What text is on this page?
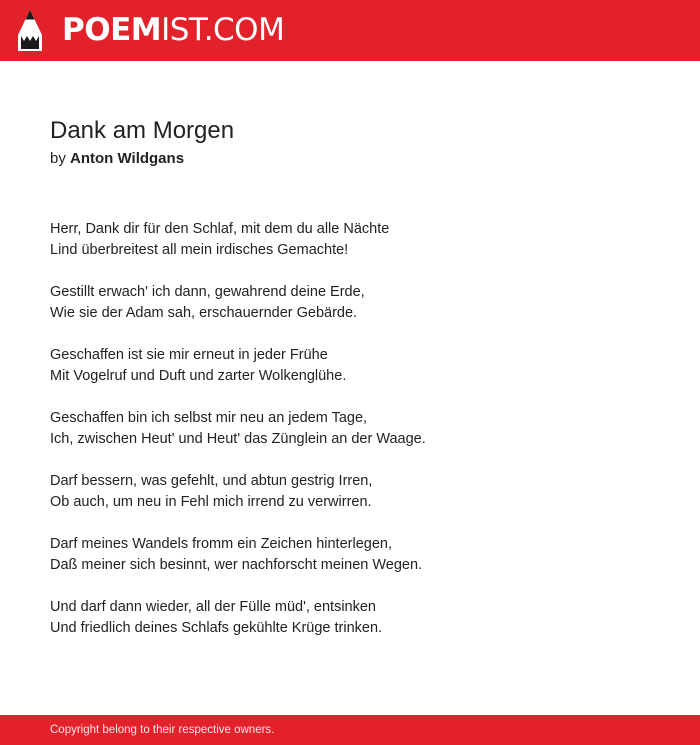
POEMIST.COM
Dank am Morgen
by Anton Wildgans
Herr, Dank dir für den Schlaf, mit dem du alle Nächte
Lind überbreitest all mein irdisches Gemachte!
Gestillt erwach' ich dann, gewahrend deine Erde,
Wie sie der Adam sah, erschauernder Gebärde.
Geschaffen ist sie mir erneut in jeder Frühe
Mit Vogelruf und Duft und zarter Wolkenglühe.
Geschaffen bin ich selbst mir neu an jedem Tage,
Ich, zwischen Heut' und Heut' das Zünglein an der Waage.
Darf bessern, was gefehlt, und abtun gestrig Irren,
Ob auch, um neu in Fehl mich irrend zu verwirren.
Darf meines Wandels fromm ein Zeichen hinterlegen,
Daß meiner sich besinnt, wer nachforscht meinen Wegen.
Und darf dann wieder, all der Fülle müd', entsinken
Und friedlich deines Schlafs gekühlte Krüge trinken.
Copyright belong to their respective owners.
